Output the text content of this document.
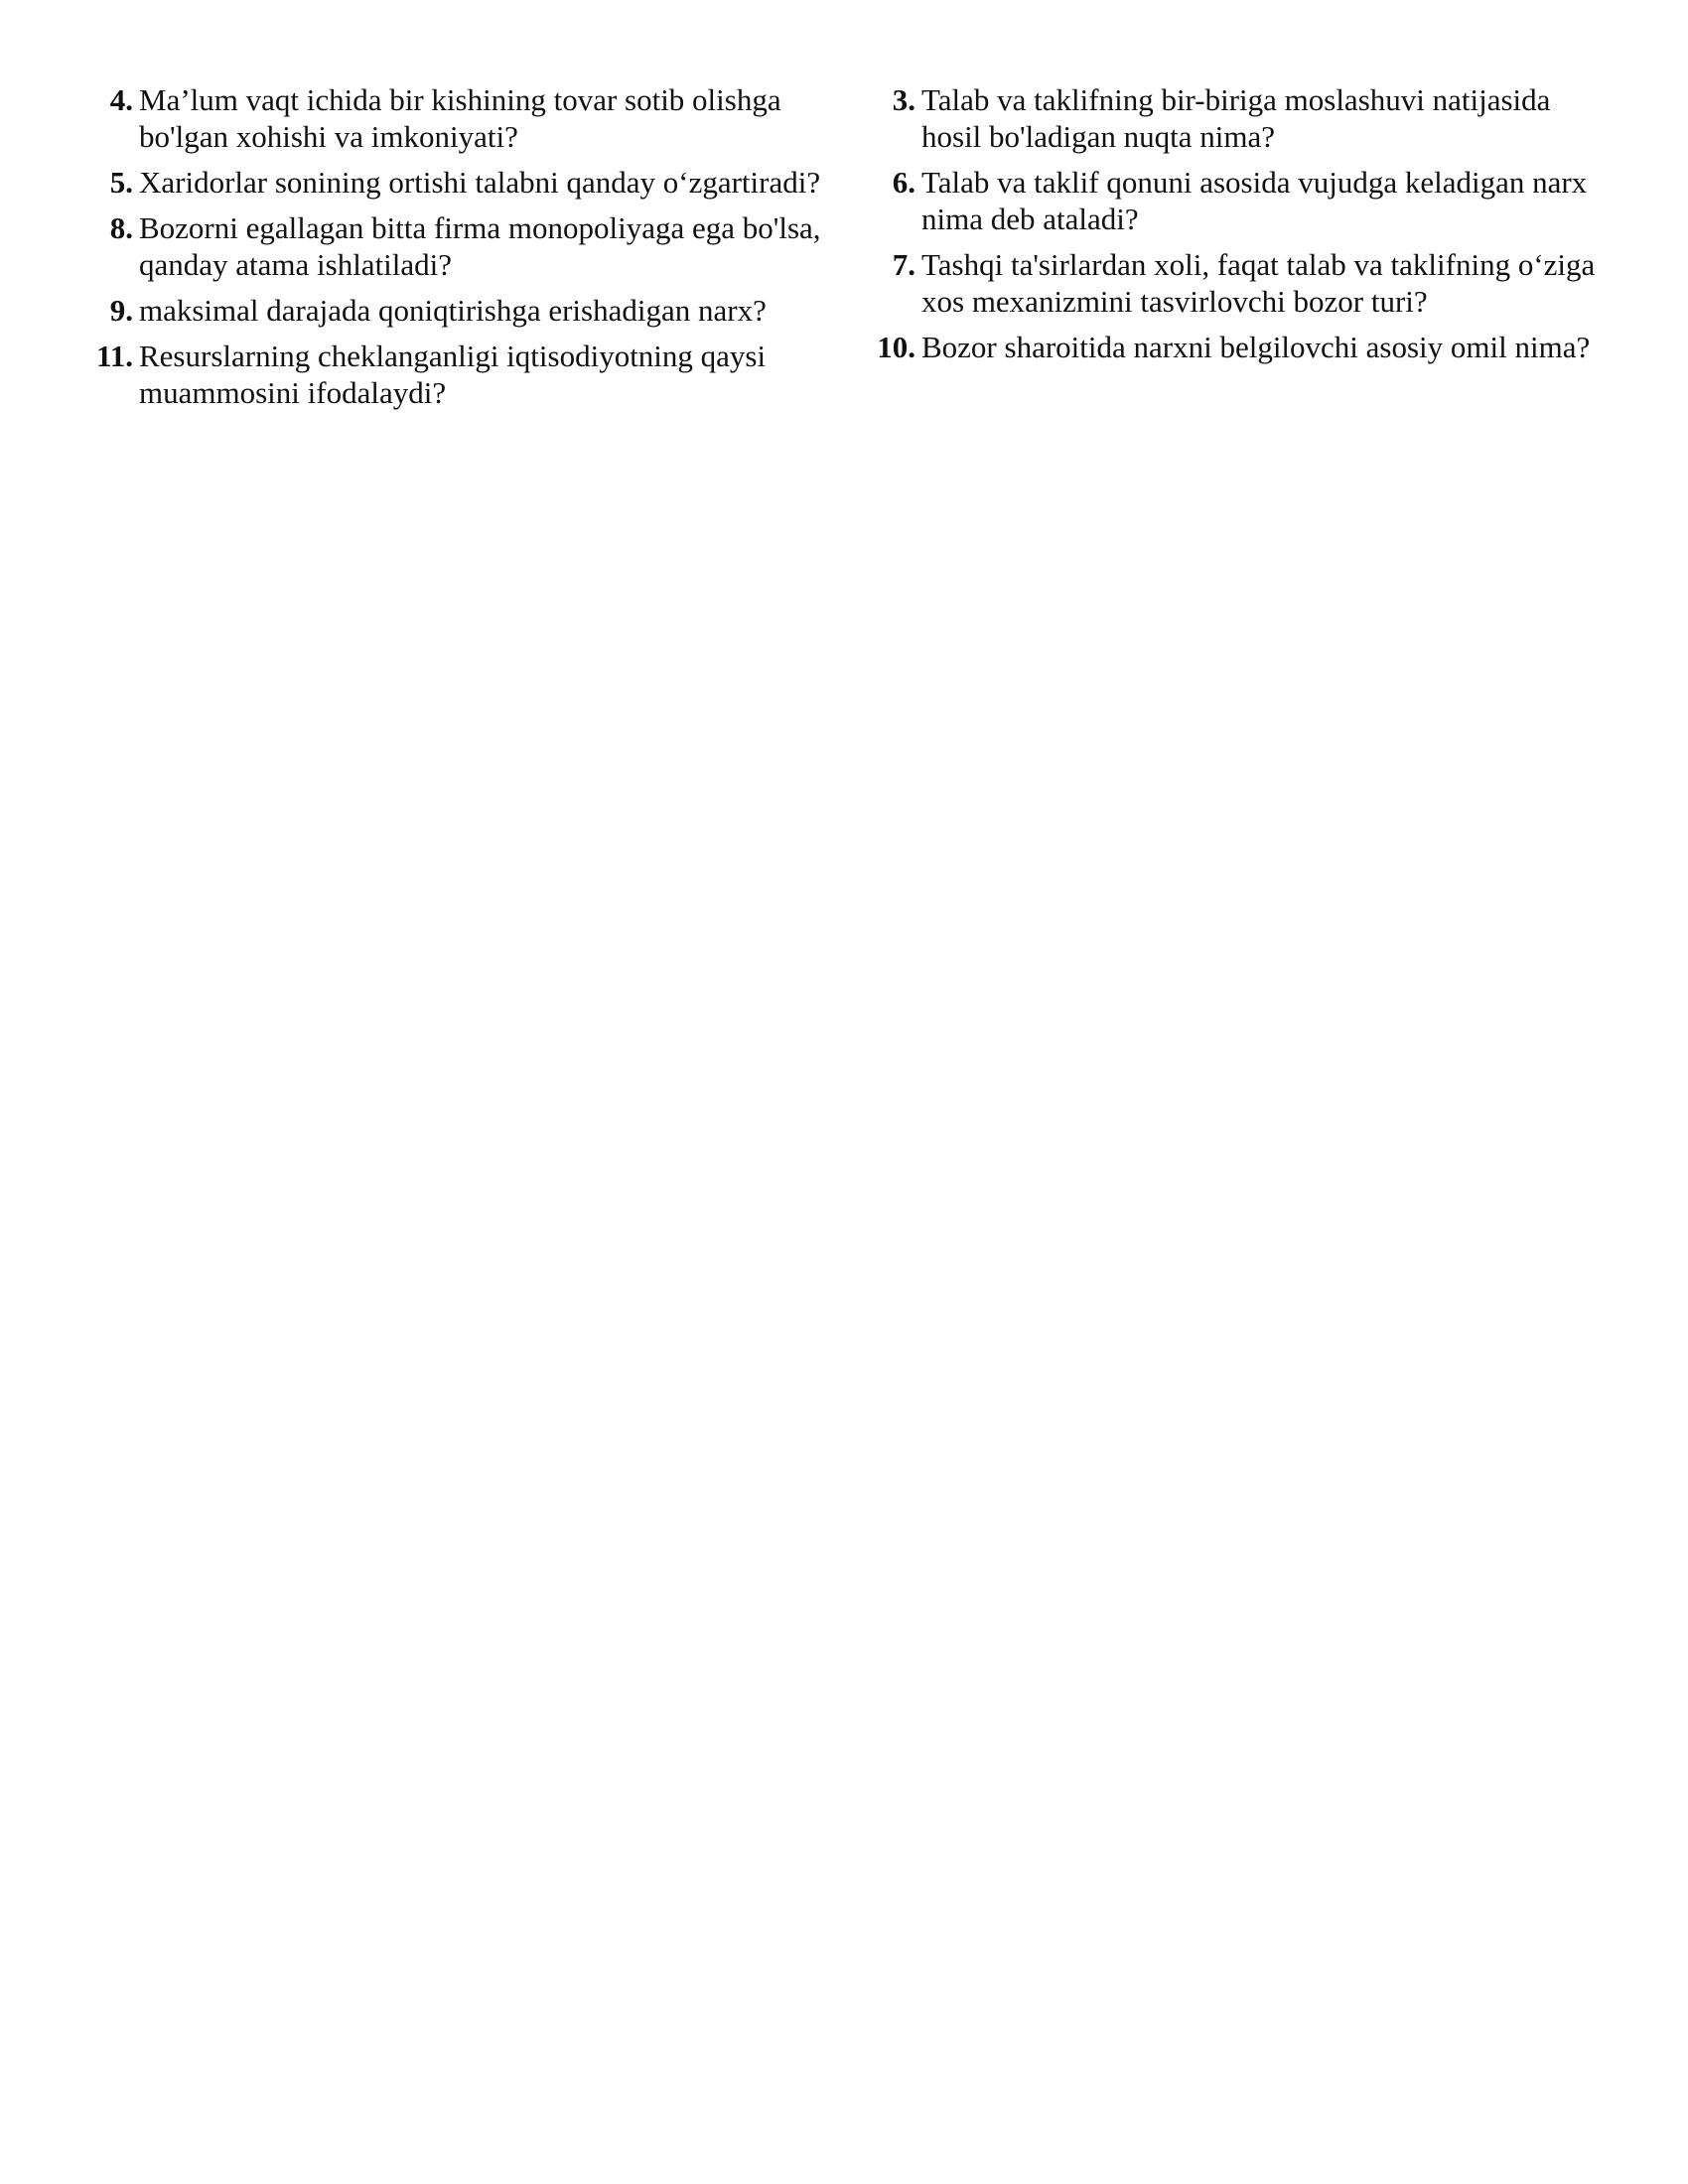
4. Ma’lum vaqt ichida bir kishining tovar sotib olishga bo'lgan xohishi va imkoniyati?
5. Xaridorlar sonining ortishi talabni qanday o‘zgartiradi?
8. Bozorni egallagan bitta firma monopoliyaga ega bo'lsa, qanday atama ishlatiladi?
9. maksimal darajada qoniqtirishga erishadigan narx?
11. Resurslarning cheklanganligi iqtisodiyotning qaysi muammosini ifodalaydi?
3. Talab va taklifning bir-biriga moslashuvi natijasida hosil bo'ladigan nuqta nima?
6. Talab va taklif qonuni asosida vujudga keladigan narx nima deb ataladi?
7. Tashqi ta'sirlardan xoli, faqat talab va taklifning o‘ziga xos mexanizmini tasvirlovchi bozor turi?
10. Bozor sharoitida narxni belgilovchi asosiy omil nima?
